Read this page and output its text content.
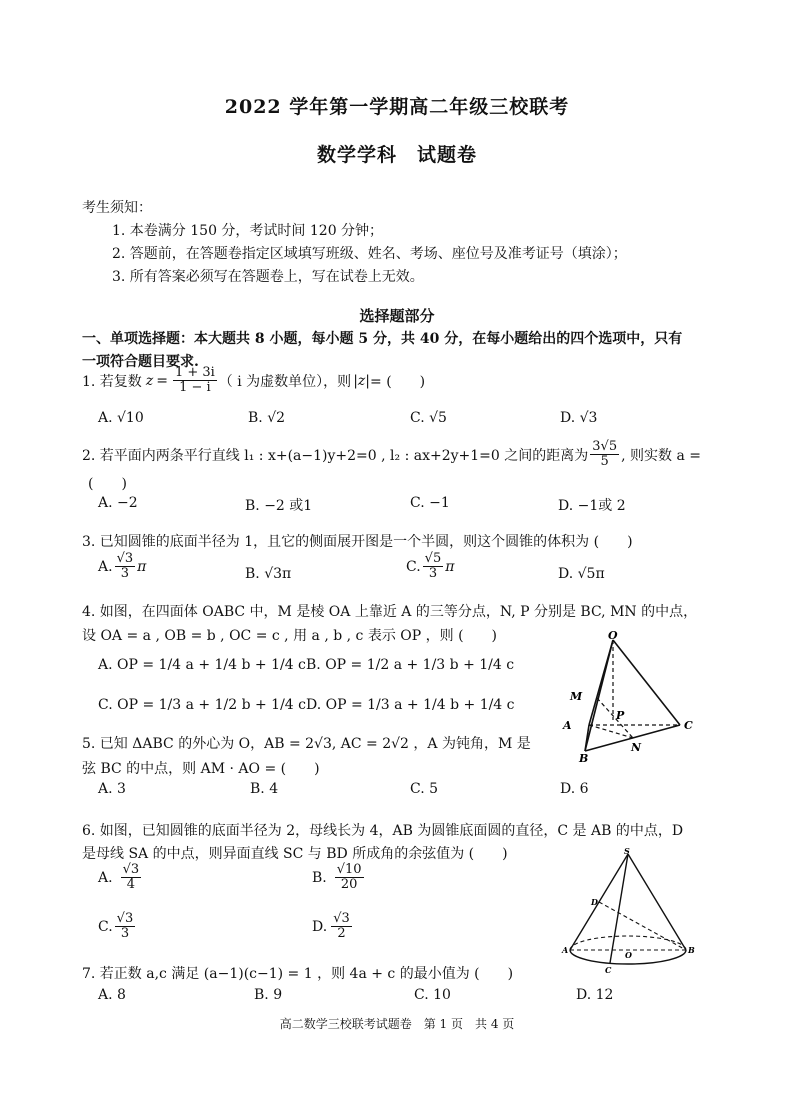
2022 学年第一学期高二年级三校联考
数学学科　试题卷
考生须知：
1. 本卷满分 150 分，考试时间 120 分钟；
2. 答题前，在答题卷指定区域填写班级、姓名、考场、座位号及准考证号（填涂）；
3. 所有答案必须写在答题卷上，写在试卷上无效。
选择题部分
一、单项选择题：本大题共 8 小题，每小题 5 分，共 40 分，在每小题给出的四个选项中，只有
一项符合题目要求.
1. 若复数 $z = \frac{1 + 3i}{1 - i}$ （ i 为虚数单位），则 |z| = (　　)
A. √10	B. √2	C. √5	D. √3
2. 若平面内两条平行直线 l₁ : x+(a−1)y+2=0 , l₂ : ax+2y+1=0 之间的距离为 $\frac{3√5}{5}$ , 则实数 a =
(　　)
A. −2	B. −2 或1	C. −1	D. −1或 2
3. 已知圆锥的底面半径为 1，且它的侧面展开图是一个半圆，则这个圆锥的体积为 (　　)
A. $\frac{√3}{3}$ π	B. √3π	C. $\frac{√5}{3}$ π	D. √5π
4. 如图，在四面体 OABC 中，M 是棱 OA 上靠近 A 的三等分点，N, P 分别是 BC, MN 的中点，
设 OA = a , OB = b , OC = c , 用 a , b , c 表示 OP ，则 (　　)
A. OP = 1/4 a + 1/4 b + 1/4 c B. OP = 1/2 a + 1/3 b + 1/4 c
C. OP = 1/3 a + 1/2 b + 1/4 c D. OP = 1/3 a + 1/4 b + 1/4 c
O
M
P
A	C
N
B
5. 已知 ΔABC 的外心为 O，AB = 2√3, AC = 2√2 ，A 为钝角，M 是
弦 BC 的中点，则 AM · AO = (　　)
A. 3	B. 4	C. 5	D. 6
6. 如图，已知圆锥的底面半径为 2，母线长为 4，AB 为圆锥底面圆的直径，C 是 AB 的中点，D
是母线 SA 的中点，则异面直线 SC 与 BD 所成角的余弦值为 (　　)
A. $\frac{√3}{4}$	B. $\frac{√10}{20}$
C. $\frac{√3}{3}$	D. $\frac{√3}{2}$
S
D
A	O	B
C
7. 若正数 a,c 满足 (a−1)(c−1) = 1 ，则 4a + c 的最小值为 (　　)
A. 8	B. 9	C. 10	D. 12
高二数学三校联考试题卷　第 1 页　共 4 页
